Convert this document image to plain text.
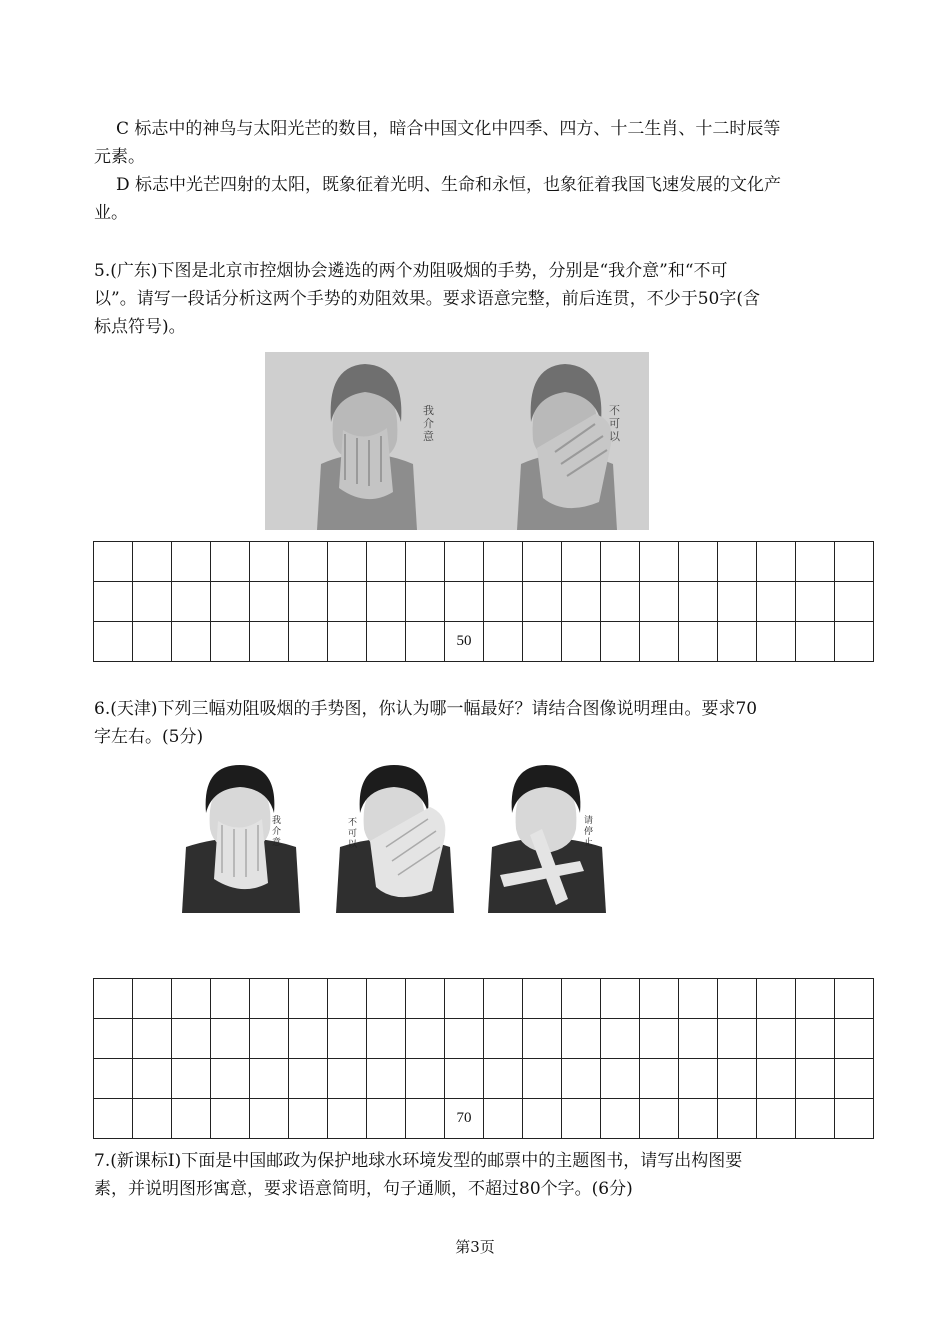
C 标志中的神鸟与太阳光芒的数目，暗合中国文化中四季、四方、十二生肖、十二时辰等
元素。
D 标志中光芒四射的太阳，既象征着光明、生命和永恒，也象征着我国飞速发展的文化产
业。
5.(广东)下图是北京市控烟协会遴选的两个劝阻吸烟的手势，分别是“我介意”和“不可
以”。请写一段话分析这两个手势的劝阻效果。要求语意完整，前后连贯，不少于50字(含
标点符号)。
我
介
意
不
可
以

									50										
6.(天津)下列三幅劝阻吸烟的手势图，你认为哪一幅最好？请结合图像说明理由。要求70
字左右。(5分)
我
介
意
不
可
以
请
停
止

									70										
7.(新课标I)下面是中国邮政为保护地球水环境发型的邮票中的主题图书，请写出构图要
素，并说明图形寓意，要求语意简明，句子通顺，不超过80个字。(6分)
第3页
